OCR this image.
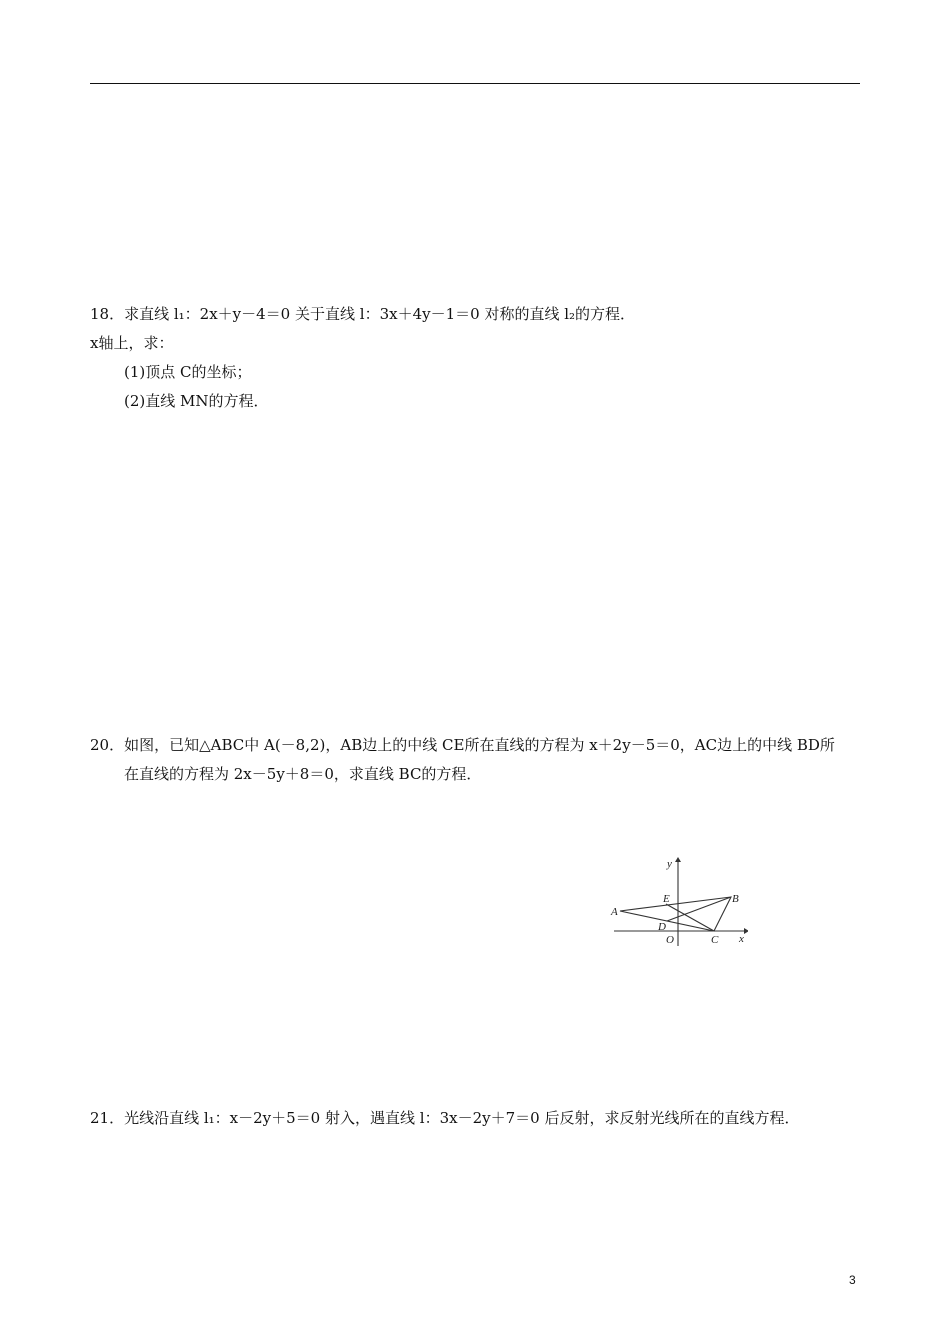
18．求直线 l₁：2x＋y－4＝0 关于直线 l：3x＋4y－1＝0 对称的直线 l₂的方程．
x轴上，求：
(1)顶点 C的坐标；
(2)直线 MN的方程．
20．如图，已知△ABC中 A(－8,2)，AB边上的中线 CE所在直线的方程为 x＋2y－5＝0，AC边上的中线 BD所
在直线的方程为 2x－5y＋8＝0，求直线 BC的方程．
y
x
O
A
B
C
D
E
21．光线沿直线 l₁：x－2y＋5＝0 射入，遇直线 l：3x－2y＋7＝0 后反射，求反射光线所在的直线方程．
3
